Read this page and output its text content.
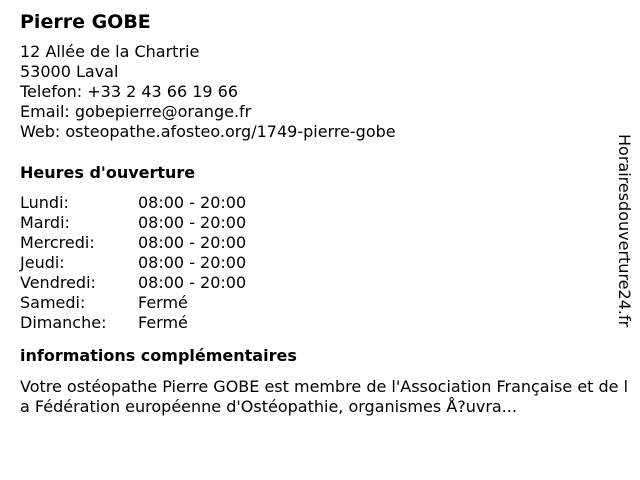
Pierre GOBE
12 Allée de la Chartrie
53000 Laval
Telefon: +33 2 43 66 19 66
Email: gobepierre@orange.fr
Web: osteopathe.afosteo.org/1749-pierre-gobe
Heures d'ouverture
Lundi:	08:00 - 20:00
Mardi:	08:00 - 20:00
Mercredi:	08:00 - 20:00
Jeudi:	08:00 - 20:00
Vendredi:	08:00 - 20:00
Samedi:	Fermé
Dimanche:	Fermé
informations complémentaires
Votre ostéopathe Pierre GOBE est membre de l'Association Française et de la Fédération européenne d'Ostéopathie, organismes Å?uvra...
Horairesdouverture24.fr
